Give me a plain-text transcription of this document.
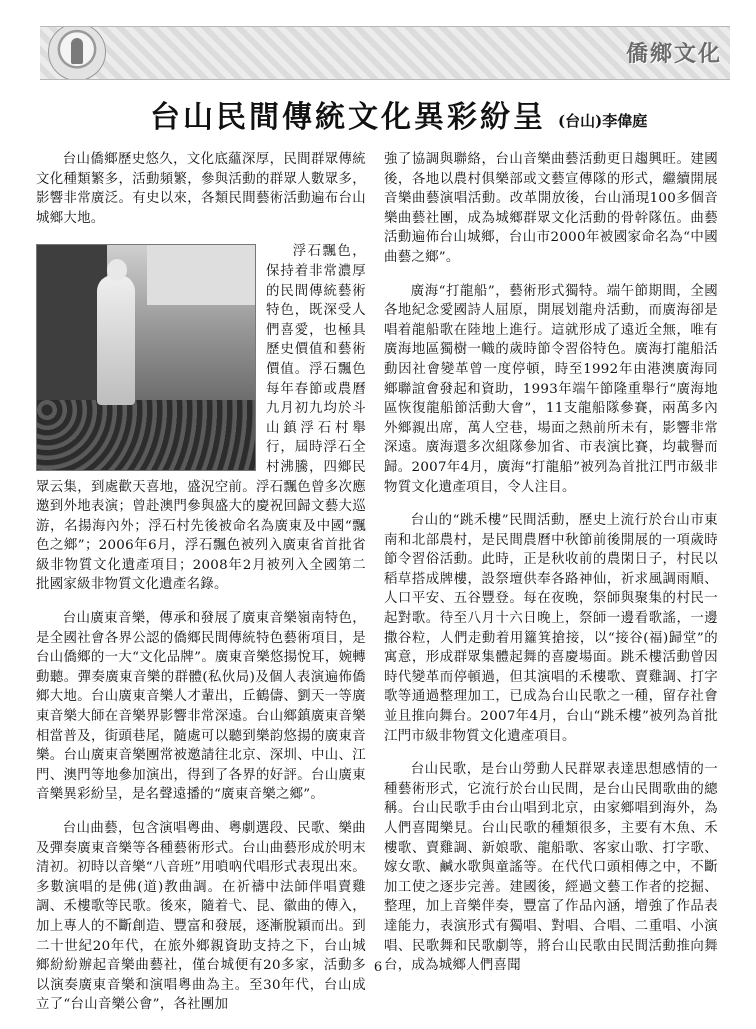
僑鄉文化
台山民間傳統文化異彩紛呈 (台山)李偉庭

台山僑鄉歷史悠久，文化底蘊深厚，民間群眾傳統文化種類繁多，活動頻繁，參與活動的群眾人數眾多，影響非常廣泛。有史以來，各類民間藝術活動遍布台山城鄉大地。

浮石飄色，保持着非常濃厚的民間傳統藝術特色，既深受人們喜愛，也極具歷史價值和藝術價值。浮石飄色每年春節或農曆九月初九均於斗山鎮浮石村舉行，屆時浮石全村沸騰，四鄉民眾云集，到處歡天喜地，盛況空前。浮石飄色曾多次應邀到外地表演；曾赴澳門參與盛大的慶祝回歸文藝大巡游，名揚海內外；浮石村先後被命名為廣東及中國“飄色之鄉”；2006年6月，浮石飄色被列入廣東省首批省級非物質文化遺產項目；2008年2月被列入全國第二批國家級非物質文化遺產名錄。

台山廣東音樂，傳承和發展了廣東音樂嶺南特色，是全國社會各界公認的僑鄉民間傳統特色藝術項目，是台山僑鄉的一大“文化品牌”。廣東音樂悠揚悅耳，婉轉動聽。彈奏廣東音樂的群體(私伙局)及個人表演遍佈僑鄉大地。台山廣東音樂人才輩出，丘鶴儔、劉天一等廣東音樂大師在音樂界影響非常深遠。台山鄉鎮廣東音樂相當普及，街頭巷尾，隨處可以聽到樂韵悠揚的廣東音樂。台山廣東音樂團常被邀請往北京、深圳、中山、江門、澳門等地參加演出，得到了各界的好評。台山廣東音樂異彩紛呈，是名聲遠播的“廣東音樂之鄉”。

台山曲藝，包含演唱粵曲、粵劇選段、民歌、樂曲及彈奏廣東音樂等各種藝術形式。台山曲藝形成於明末清初。初時以音樂“八音班”用嗩吶代唱形式表現出來。多數演唱的是佛(道)教曲調。在祈禱中法師伴唱賣雞調、禾樓歌等民歌。後來，隨着弋、昆、徽曲的傳入，加上專人的不斷創造、豐富和發展，逐漸脫穎而出。到二十世紀20年代，在旅外鄉親資助支持之下，台山城鄉紛紛辦起音樂曲藝社，僅台城便有20多家，活動多以演奏廣東音樂和演唱粵曲為主。至30年代，台山成立了“台山音樂公會”，各社團加

強了協調與聯絡，台山音樂曲藝活動更日趨興旺。建國後，各地以農村俱樂部或文藝宣傳隊的形式，繼續開展音樂曲藝演唱活動。改革開放後，台山涌現100多個音樂曲藝社團，成為城鄉群眾文化活動的骨幹隊伍。曲藝活動遍佈台山城鄉，台山市2000年被國家命名為“中國曲藝之鄉”。

廣海“打龍船”，藝術形式獨特。端午節期間，全國各地紀念愛國詩人屈原，開展划龍舟活動，而廣海卻是唱着龍船歌在陸地上進行。這就形成了遠近全無，唯有廣海地區獨樹一幟的歲時節令習俗特色。廣海打龍船活動因社會變革曾一度停頓，時至1992年由港澳廣海同鄉聯誼會發起和資助，1993年端午節隆重舉行“廣海地區恢復龍船節活動大會”，11支龍船隊參賽，兩萬多內外鄉親出席，萬人空巷，場面之熱前所未有，影響非常深遠。廣海還多次組隊參加省、市表演比賽，均載譽而歸。2007年4月，廣海“打龍船”被列為首批江門市級非物質文化遺產項目，令人注目。

台山的“跳禾樓”民間活動，歷史上流行於台山市東南和北部農村，是民間農曆中秋節前後開展的一項歲時節令習俗活動。此時，正是秋收前的農閑日子，村民以稻草搭成牌樓，設祭壇供奉各路神仙，祈求風調雨順、人口平安、五谷豐登。每在夜晚，祭師與聚集的村民一起對歌。待至八月十六日晚上，祭師一邊看歌謠，一邊撒谷粒，人們走動着用籮箕搶接，以“接谷(福)歸堂”的寓意，形成群眾集體起舞的喜慶場面。跳禾樓活動曾因時代變革而停頓過，但其演唱的禾樓歌、賣雞調、打字歌等通過整理加工，已成為台山民歌之一種，留存社會並且推向舞台。2007年4月，台山“跳禾樓”被列為首批江門市級非物質文化遺產項目。

台山民歌，是台山勞動人民群眾表達思想感情的一種藝術形式，它流行於台山民間，是台山民間歌曲的總稱。台山民歌手由台山唱到北京，由家鄉唱到海外，為人們喜聞樂見。台山民歌的種類很多，主要有木魚、禾樓歌、賣雞調、新娘歌、龍船歌、客家山歌、打字歌、嫁女歌、鹹水歌與童謠等。在代代口頭相傳之中，不斷加工使之逐步完善。建國後，經過文藝工作者的挖掘、整理，加上音樂伴奏，豐富了作品內涵，增強了作品表達能力，表演形式有獨唱、對唱、合唱、二重唱、小演唱、民歌舞和民歌劇等，將台山民歌由民間活動推向舞台，成為城鄉人們喜聞

6
